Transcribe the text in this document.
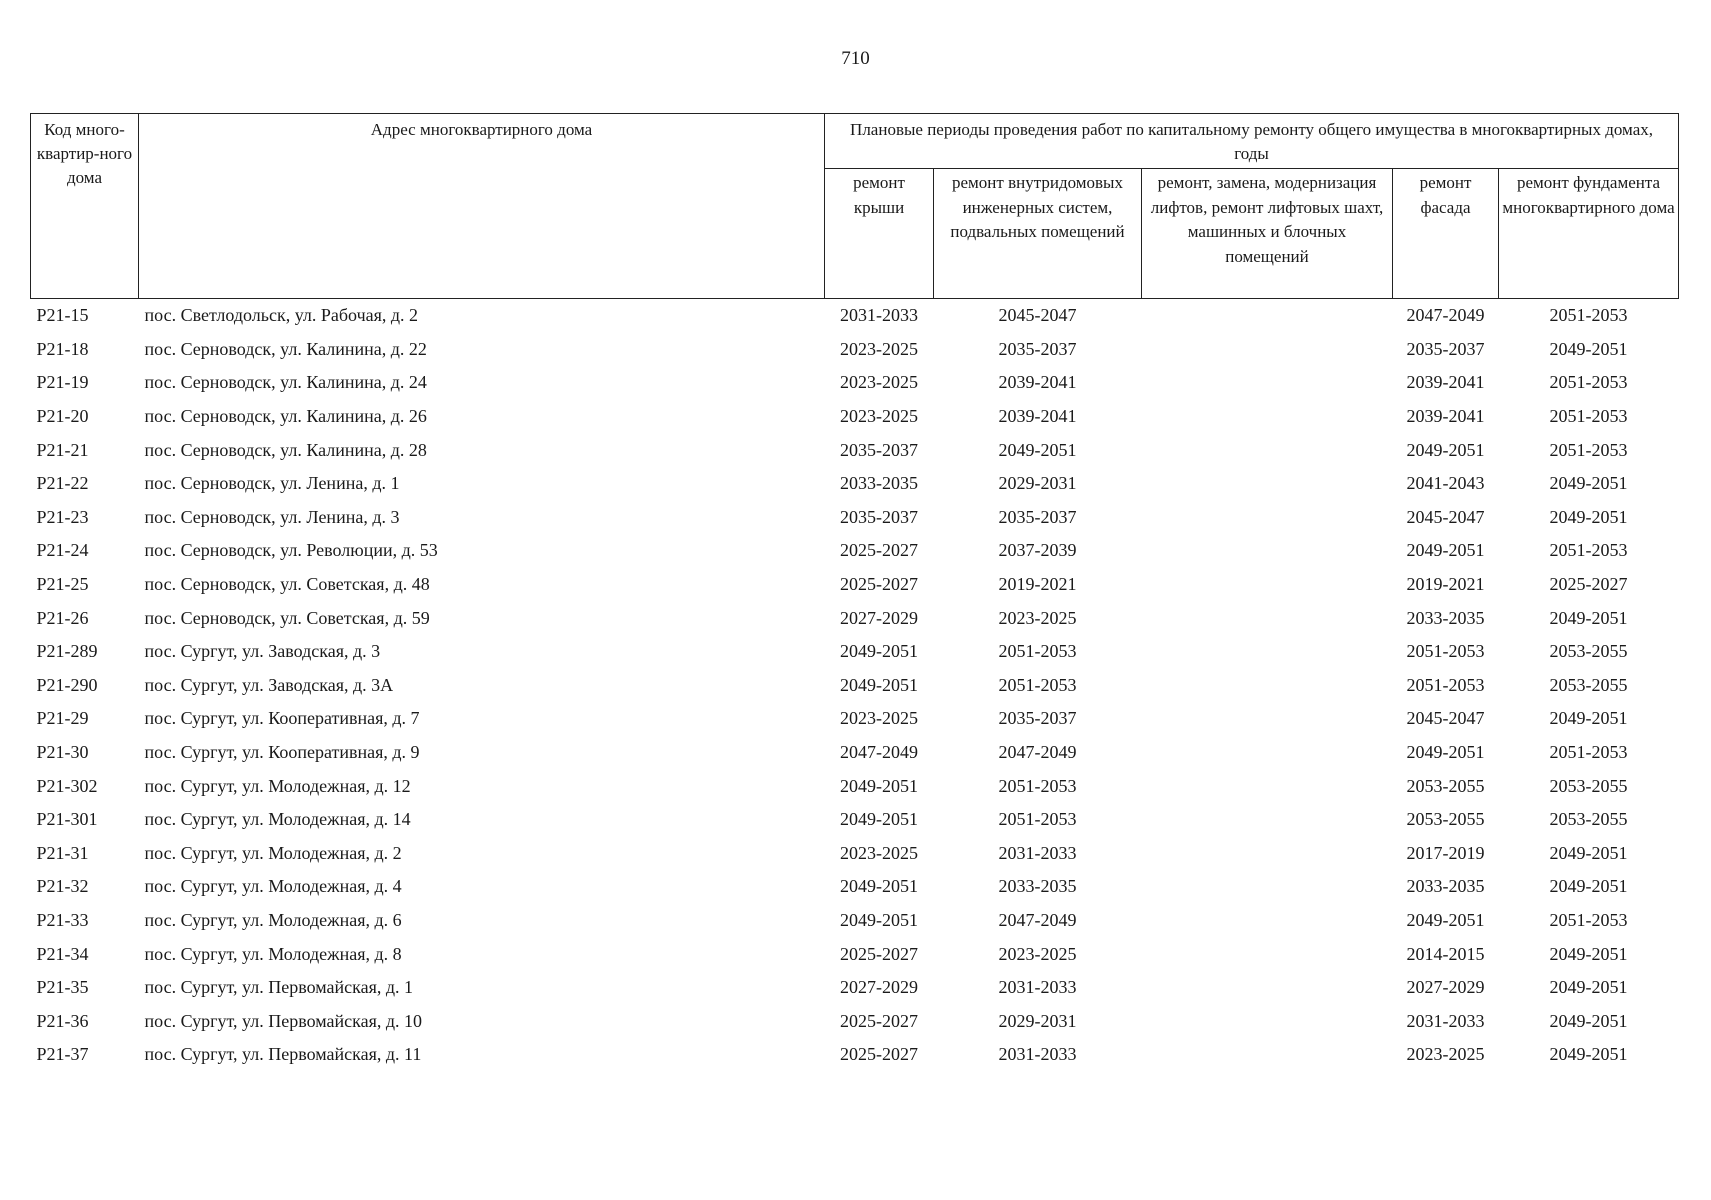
710
Код много-квартир-ного дома	Адрес многоквартирного дома	Плановые периоды проведения работ по капитальному ремонту общего имущества в многоквартирных домах, годы				
		ремонт крыши	ремонт внутридомовых инженерных систем, подвальных помещений	ремонт, замена, модернизация лифтов, ремонт лифтовых шахт, машинных и блочных помещений	ремонт фасада	ремонт фундамента многоквартирного дома
P21-15	пос. Светлодольск, ул. Рабочая, д. 2	2031-2033	2045-2047		2047-2049	2051-2053
P21-18	пос. Серноводск, ул. Калинина, д. 22	2023-2025	2035-2037		2035-2037	2049-2051
P21-19	пос. Серноводск, ул. Калинина, д. 24	2023-2025	2039-2041		2039-2041	2051-2053
P21-20	пос. Серноводск, ул. Калинина, д. 26	2023-2025	2039-2041		2039-2041	2051-2053
P21-21	пос. Серноводск, ул. Калинина, д. 28	2035-2037	2049-2051		2049-2051	2051-2053
P21-22	пос. Серноводск, ул. Ленина, д. 1	2033-2035	2029-2031		2041-2043	2049-2051
P21-23	пос. Серноводск, ул. Ленина, д. 3	2035-2037	2035-2037		2045-2047	2049-2051
P21-24	пос. Серноводск, ул. Революции, д. 53	2025-2027	2037-2039		2049-2051	2051-2053
P21-25	пос. Серноводск, ул. Советская, д. 48	2025-2027	2019-2021		2019-2021	2025-2027
P21-26	пос. Серноводск, ул. Советская, д. 59	2027-2029	2023-2025		2033-2035	2049-2051
P21-289	пос. Сургут, ул. Заводская, д. 3	2049-2051	2051-2053		2051-2053	2053-2055
P21-290	пос. Сургут, ул. Заводская, д. 3А	2049-2051	2051-2053		2051-2053	2053-2055
P21-29	пос. Сургут, ул. Кооперативная, д. 7	2023-2025	2035-2037		2045-2047	2049-2051
P21-30	пос. Сургут, ул. Кооперативная, д. 9	2047-2049	2047-2049		2049-2051	2051-2053
P21-302	пос. Сургут, ул. Молодежная, д. 12	2049-2051	2051-2053		2053-2055	2053-2055
P21-301	пос. Сургут, ул. Молодежная, д. 14	2049-2051	2051-2053		2053-2055	2053-2055
P21-31	пос. Сургут, ул. Молодежная, д. 2	2023-2025	2031-2033		2017-2019	2049-2051
P21-32	пос. Сургут, ул. Молодежная, д. 4	2049-2051	2033-2035		2033-2035	2049-2051
P21-33	пос. Сургут, ул. Молодежная, д. 6	2049-2051	2047-2049		2049-2051	2051-2053
P21-34	пос. Сургут, ул. Молодежная, д. 8	2025-2027	2023-2025		2014-2015	2049-2051
P21-35	пос. Сургут, ул. Первомайская, д. 1	2027-2029	2031-2033		2027-2029	2049-2051
P21-36	пос. Сургут, ул. Первомайская, д. 10	2025-2027	2029-2031		2031-2033	2049-2051
P21-37	пос. Сургут, ул. Первомайская, д. 11	2025-2027	2031-2033		2023-2025	2049-2051
